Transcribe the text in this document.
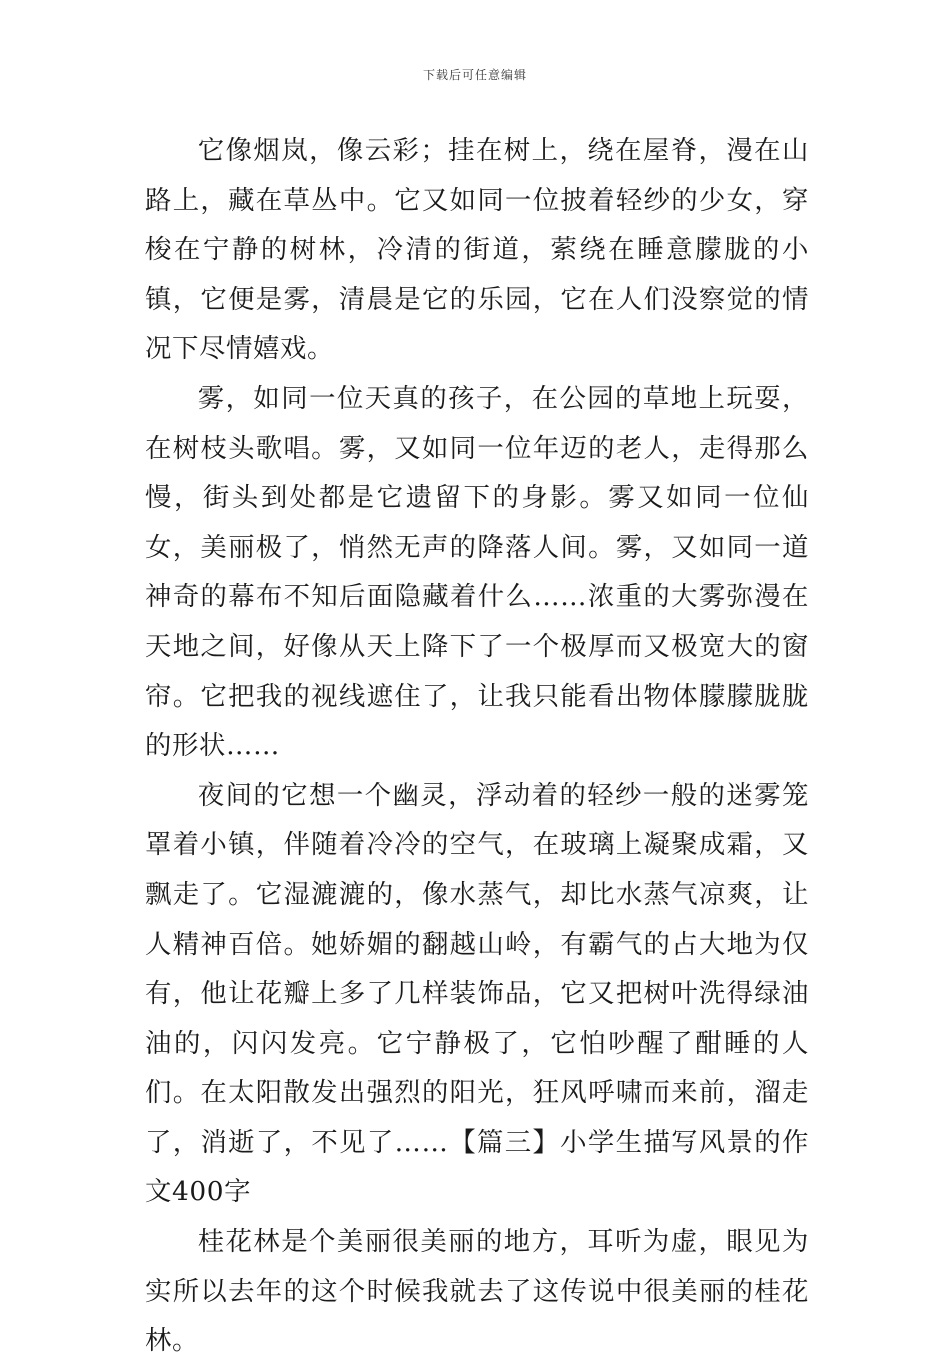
下载后可任意编辑

它像烟岚，像云彩；挂在树上，绕在屋脊，漫在山路上，藏在草丛中。它又如同一位披着轻纱的少女，穿梭在宁静的树林，冷清的街道，萦绕在睡意朦胧的小镇，它便是雾，清晨是它的乐园，它在人们没察觉的情况下尽情嬉戏。

雾，如同一位天真的孩子，在公园的草地上玩耍，在树枝头歌唱。雾，又如同一位年迈的老人，走得那么慢，街头到处都是它遗留下的身影。雾又如同一位仙女，美丽极了，悄然无声的降落人间。雾，又如同一道神奇的幕布不知后面隐藏着什么……浓重的大雾弥漫在天地之间，好像从天上降下了一个极厚而又极宽大的窗帘。它把我的视线遮住了，让我只能看出物体朦朦胧胧的形状……

夜间的它想一个幽灵，浮动着的轻纱一般的迷雾笼罩着小镇，伴随着冷冷的空气，在玻璃上凝聚成霜，又飘走了。它湿漉漉的，像水蒸气，却比水蒸气凉爽，让人精神百倍。她娇媚的翻越山岭，有霸气的占大地为仅有，他让花瓣上多了几样装饰品，它又把树叶洗得绿油油的，闪闪发亮。它宁静极了，它怕吵醒了酣睡的人们。在太阳散发出强烈的阳光，狂风呼啸而来前，溜走了，消逝了，不见了……【篇三】小学生描写风景的作文400字

桂花林是个美丽很美丽的地方，耳听为虚，眼见为实所以去年的这个时候我就去了这传说中很美丽的桂花林。
